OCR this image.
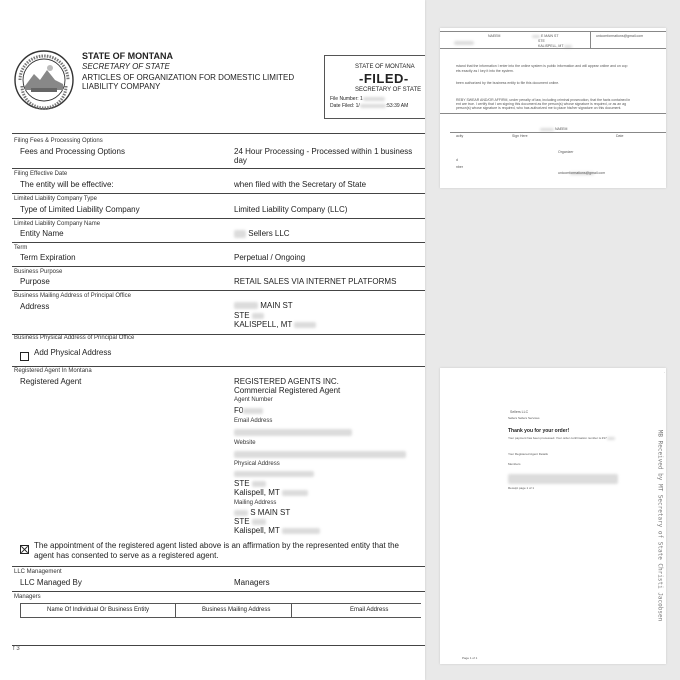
STATE OF MONTANA
SECRETARY OF STATE
ARTICLES OF ORGANIZATION FOR DOMESTIC LIMITED
LIABILITY COMPANY
STATE OF MONTANA
-FILED-
SECRETARY OF STATE
File Number: 1
Date Filed: 1/	:53:39 AM
Filing Fees & Processing Options
Fees and Processing Options	24 Hour Processing - Processed within 1 business day
Filing Effective Date
The entity will be effective:	when filed with the Secretary of State
Limited Liability Company Type
Type of Limited Liability Company	Limited Liability Company (LLC)
Limited Liability Company Name
Entity Name	Sellers LLC
Term
Term Expiration	Perpetual / Ongoing
Business Purpose
Purpose	RETAIL SALES VIA INTERNET PLATFORMS
Business Mailing Address of Principal Office
Address	MAIN ST
STE
KALISPELL, MT
Business Physical Address of Principal Office
Add Physical Address
Registered Agent In Montana
Registered Agent	REGISTERED AGENTS INC.
Commercial Registered Agent
Agent Number
F0
Email Address
Website
Physical Address
STE
Kalispell, MT
Mailing Address
S MAIN ST
STE
Kalispell, MT
The appointment of the registered agent listed above is an affirmation by the represented entity that the agent has consented to serve as a registered agent.
LLC Management
LLC Managed By	Managers
Managers
Name Of Individual Or Business Entity	Business Mailing Address	Email Address
f 3
NAEEM	E MAIN ST
STE
KALISPELL, MT
unicomformations@gmail.com
rstand that the information I enter into the online system is public information and will appear online and on cop
ets exactly as I key it into the system.
been authorized by the business entity to file this document online.
REBY SWEAR AND/OR AFFIRM, under penalty of law, including criminal prosecution, that the facts contained in
ent are true. I certify that I am signing this document as the person(s) whose signature is required, or as an ag
person(s) whose signature is required, who has authorized me to place his/her signature on this document.
NAEEM
acity	Sign Here	Date
Organizer
d
nber
unicomformations@gmail.com
.
Sellers LLC
Sellers Sellers Services
Thank you for your order!
Your payment has been processed. Your order confirmation number is #17
Your Registered Agent Details
Members
Receipt page 1 of 1	MB Received by MT Secretary of State Christi Jacobsen
Page 1 of 1
